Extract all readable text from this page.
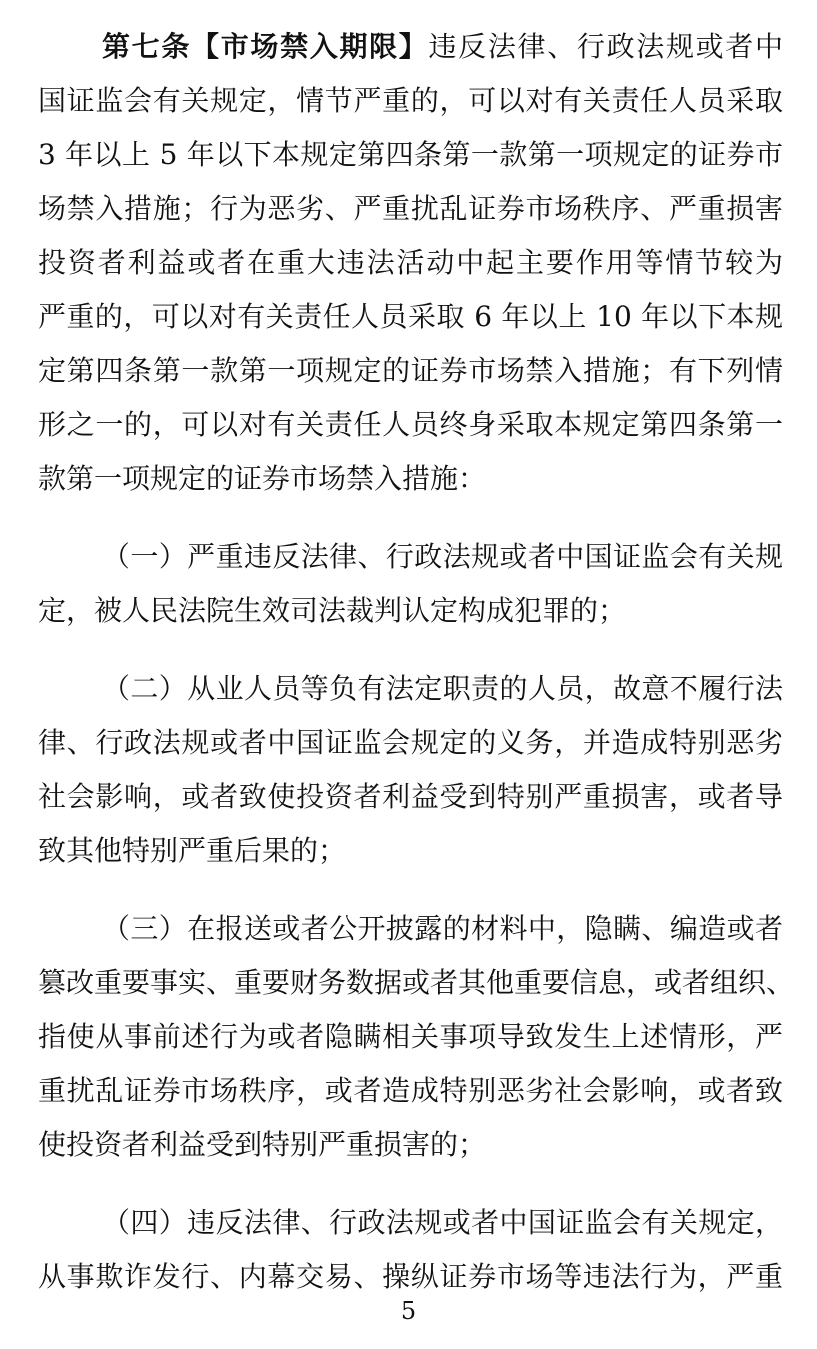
第七条【市场禁入期限】违反法律、行政法规或者中
国证监会有关规定，情节严重的，可以对有关责任人员采取
3 年以上 5 年以下本规定第四条第一款第一项规定的证券市
场禁入措施；行为恶劣、严重扰乱证券市场秩序、严重损害
投资者利益或者在重大违法活动中起主要作用等情节较为
严重的，可以对有关责任人员采取 6 年以上 10 年以下本规
定第四条第一款第一项规定的证券市场禁入措施；有下列情
形之一的，可以对有关责任人员终身采取本规定第四条第一
款第一项规定的证券市场禁入措施：
（一）严重违反法律、行政法规或者中国证监会有关规
定，被人民法院生效司法裁判认定构成犯罪的；
（二）从业人员等负有法定职责的人员，故意不履行法
律、行政法规或者中国证监会规定的义务，并造成特别恶劣
社会影响，或者致使投资者利益受到特别严重损害，或者导
致其他特别严重后果的；
（三）在报送或者公开披露的材料中，隐瞒、编造或者
篡改重要事实、重要财务数据或者其他重要信息，或者组织、
指使从事前述行为或者隐瞒相关事项导致发生上述情形，严
重扰乱证券市场秩序，或者造成特别恶劣社会影响，或者致
使投资者利益受到特别严重损害的；
（四）违反法律、行政法规或者中国证监会有关规定，
从事欺诈发行、内幕交易、操纵证券市场等违法行为，严重
5
